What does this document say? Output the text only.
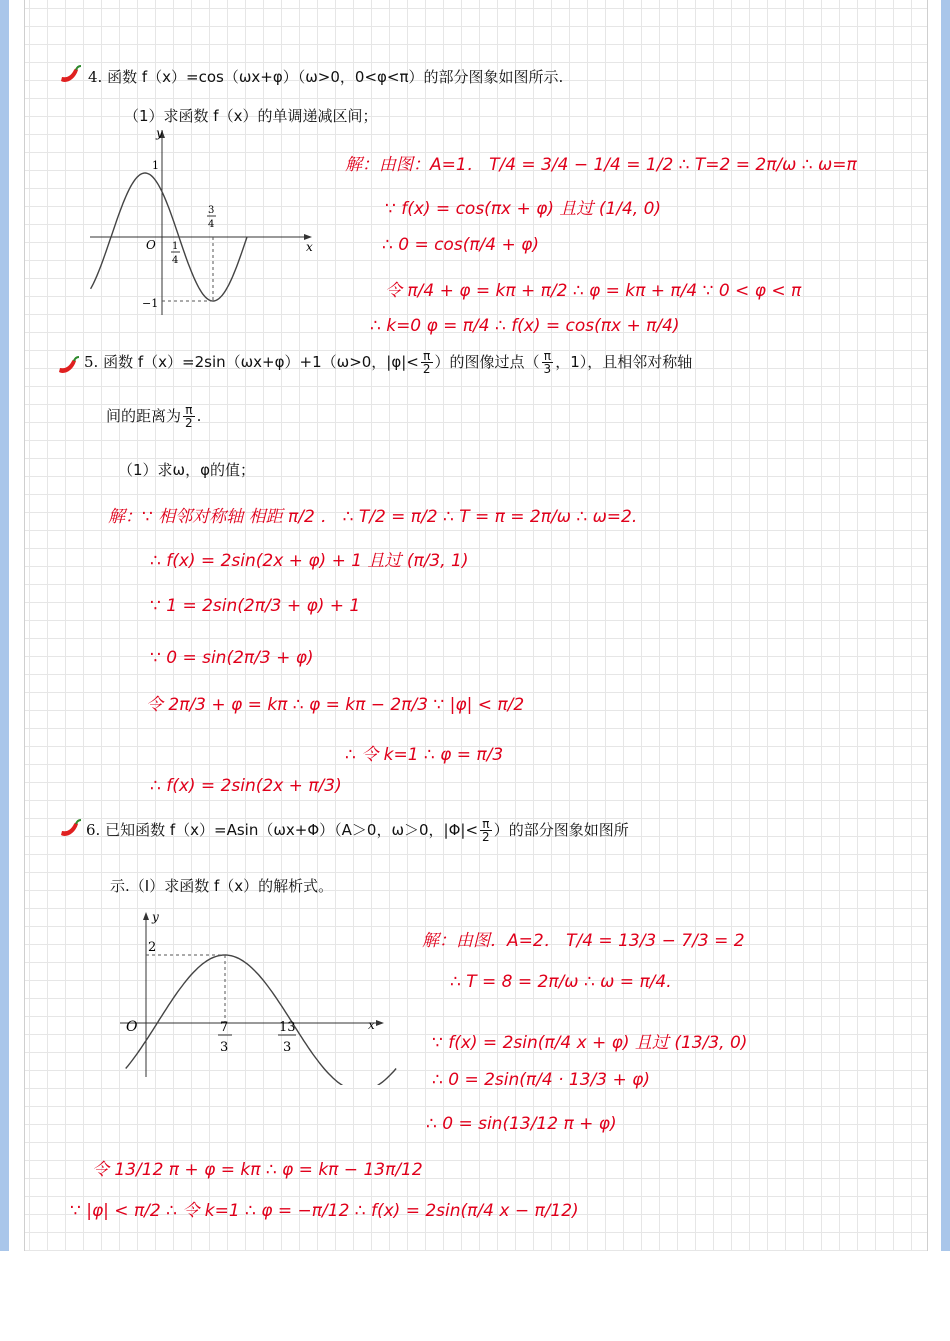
4. 函数 f（x）=cos（ωx+φ）（ω>0，0<φ<π）的部分图象如图所示.
（1）求函数 f（x）的单调递减区间；
y
x
O
1
−1
1
4
3
4
解：由图：A=1． T/4 = 3/4 − 1/4 = 1/2 ∴ T=2 = 2π/ω ∴ ω=π
∵ f(x) = cos(πx + φ) 且过 (1/4, 0)
∴ 0 = cos(π/4 + φ)
令 π/4 + φ = kπ + π/2 ∴ φ = kπ + π/4 ∵ 0 < φ < π
∴ k=0 φ = π/4 ∴ f(x) = cos(πx + π/4)
5. 函数 f（x）=2sin（ωx+φ）+1（ω>0，$|\varphi|< \frac{\pi}{2}$ ）的图像过点（ $\frac{\pi}{3}$ ，1），且相邻对称轴
间的距离为 $\frac{\pi}{2}$ .
（1）求ω，φ的值；
解：∵ 相邻对称轴 相距 π/2 ． ∴ T/2 = π/2 ∴ T = π = 2π/ω ∴ ω=2.
∴ f(x) = 2sin(2x + φ) + 1 且过 (π/3, 1)
∵ 1 = 2sin(2π/3 + φ) + 1
∵ 0 = sin(2π/3 + φ)
令 2π/3 + φ = kπ ∴ φ = kπ − 2π/3 ∵ |φ| < π/2
∴ 令 k=1 ∴ φ = π/3
∴ f(x) = 2sin(2x + π/3)
6. 已知函数 f（x）=Asin（ωx+Φ）（A＞0，ω＞0，$|\Phi|< \frac{\pi}{2}$ ）的部分图象如图所
示.（Ⅰ）求函数 f（x）的解析式。
y
x
O
2
7
3
13
3
解：由图．A=2． T/4 = 13/3 − 7/3 = 2
∴ T = 8 = 2π/ω ∴ ω = π/4.
∵ f(x) = 2sin(π/4 x + φ) 且过 (13/3, 0)
∴ 0 = 2sin(π/4 · 13/3 + φ)
∴ 0 = sin(13/12 π + φ)
令 13/12 π + φ = kπ ∴ φ = kπ − 13π/12
∵ |φ| < π/2 ∴ 令 k=1 ∴ φ = −π/12 ∴ f(x) = 2sin(π/4 x − π/12)
